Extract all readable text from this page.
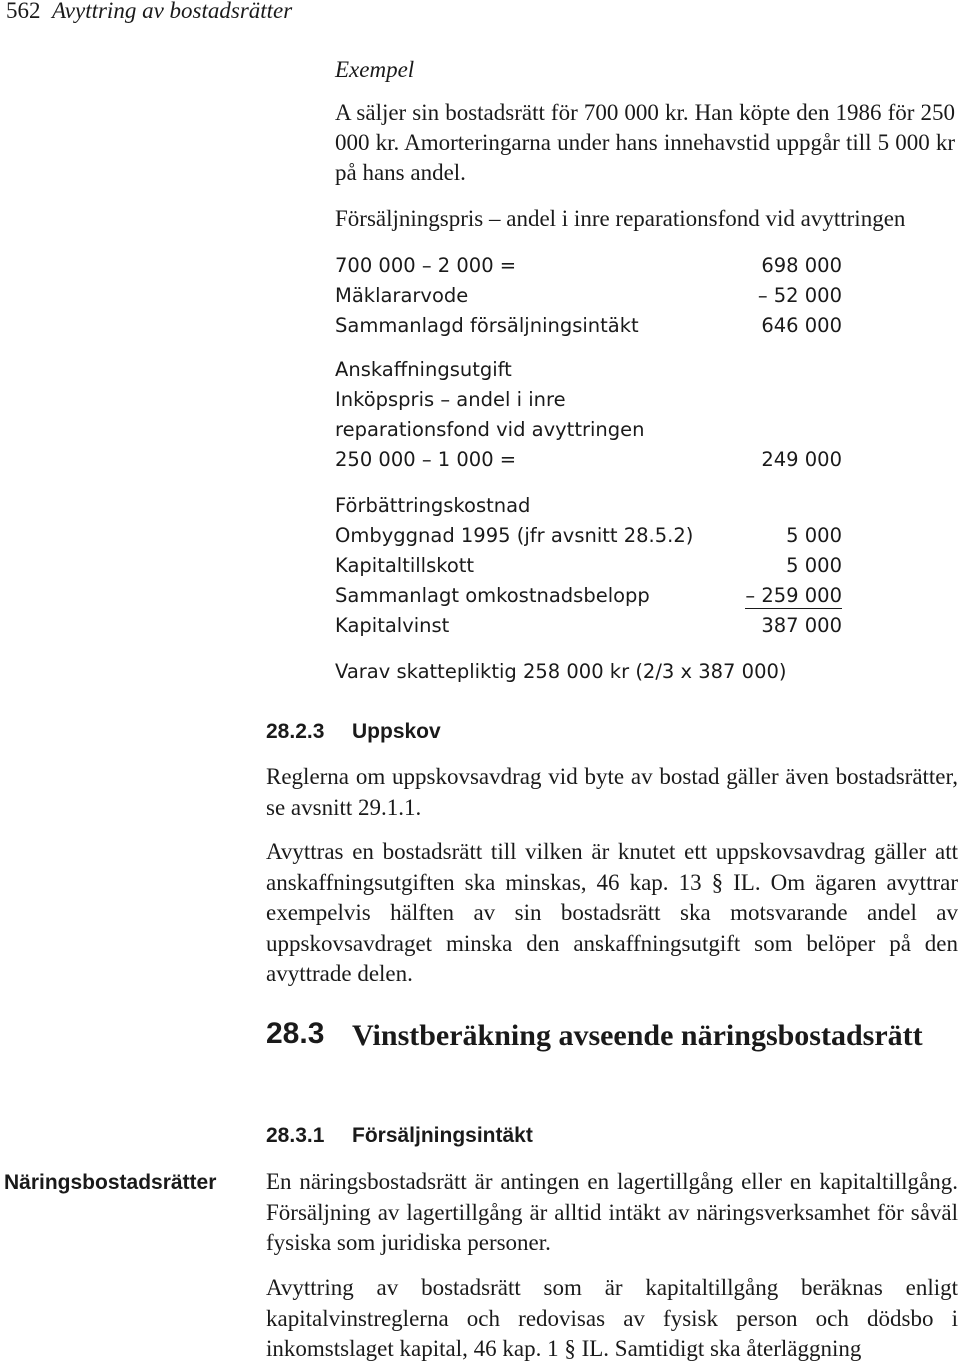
562 Avyttring av bostadsrätter
Exempel
A säljer sin bostadsrätt för 700 000 kr. Han köpte den 1986 för 250 000 kr. Amorteringarna under hans innehavstid uppgår till 5 000 kr på hans andel.
Försäljningspris – andel i inre reparationsfond vid avyttringen
700 000 – 2 000 =	698 000
Mäklararvode	– 52 000
Sammanlagd försäljningsintäkt	646 000
Anskaffningsutgift
Inköpspris – andel i inre
reparationsfond vid avyttringen
250 000 – 1 000 =	249 000
Förbättringskostnad
Ombyggnad 1995 (jfr avsnitt 28.5.2)	5 000
Kapitaltillskott	5 000
Sammanlagt omkostnadsbelopp	– 259 000
Kapitalvinst	387 000
Varav skattepliktig 258 000 kr (2/3 x 387 000)
28.2.3 Uppskov
Reglerna om uppskovsavdrag vid byte av bostad gäller även bostadsrätter, se avsnitt 29.1.1.
Avyttras en bostadsrätt till vilken är knutet ett uppskovsavdrag gäller att anskaffningsutgiften ska minskas, 46 kap. 13 § IL. Om ägaren avyttrar exempelvis hälften av sin bostadsrätt ska motsvarande andel av uppskovsavdraget minska den anskaffningsutgift som belöper på den avyttrade delen.
28.3 Vinstberäkning avseende näringsbostadsrätt
28.3.1 Försäljningsintäkt
Näringsbostadsrätter En näringsbostadsrätt är antingen en lagertillgång eller en kapitaltillgång. Försäljning av lagertillgång är alltid intäkt av näringsverksamhet för såväl fysiska som juridiska personer.
Avyttring av bostadsrätt som är kapitaltillgång beräknas enligt kapitalvinstreglerna och redovisas av fysisk person och dödsbo i inkomstslaget kapital, 46 kap. 1 § IL. Samtidigt ska återläggning
